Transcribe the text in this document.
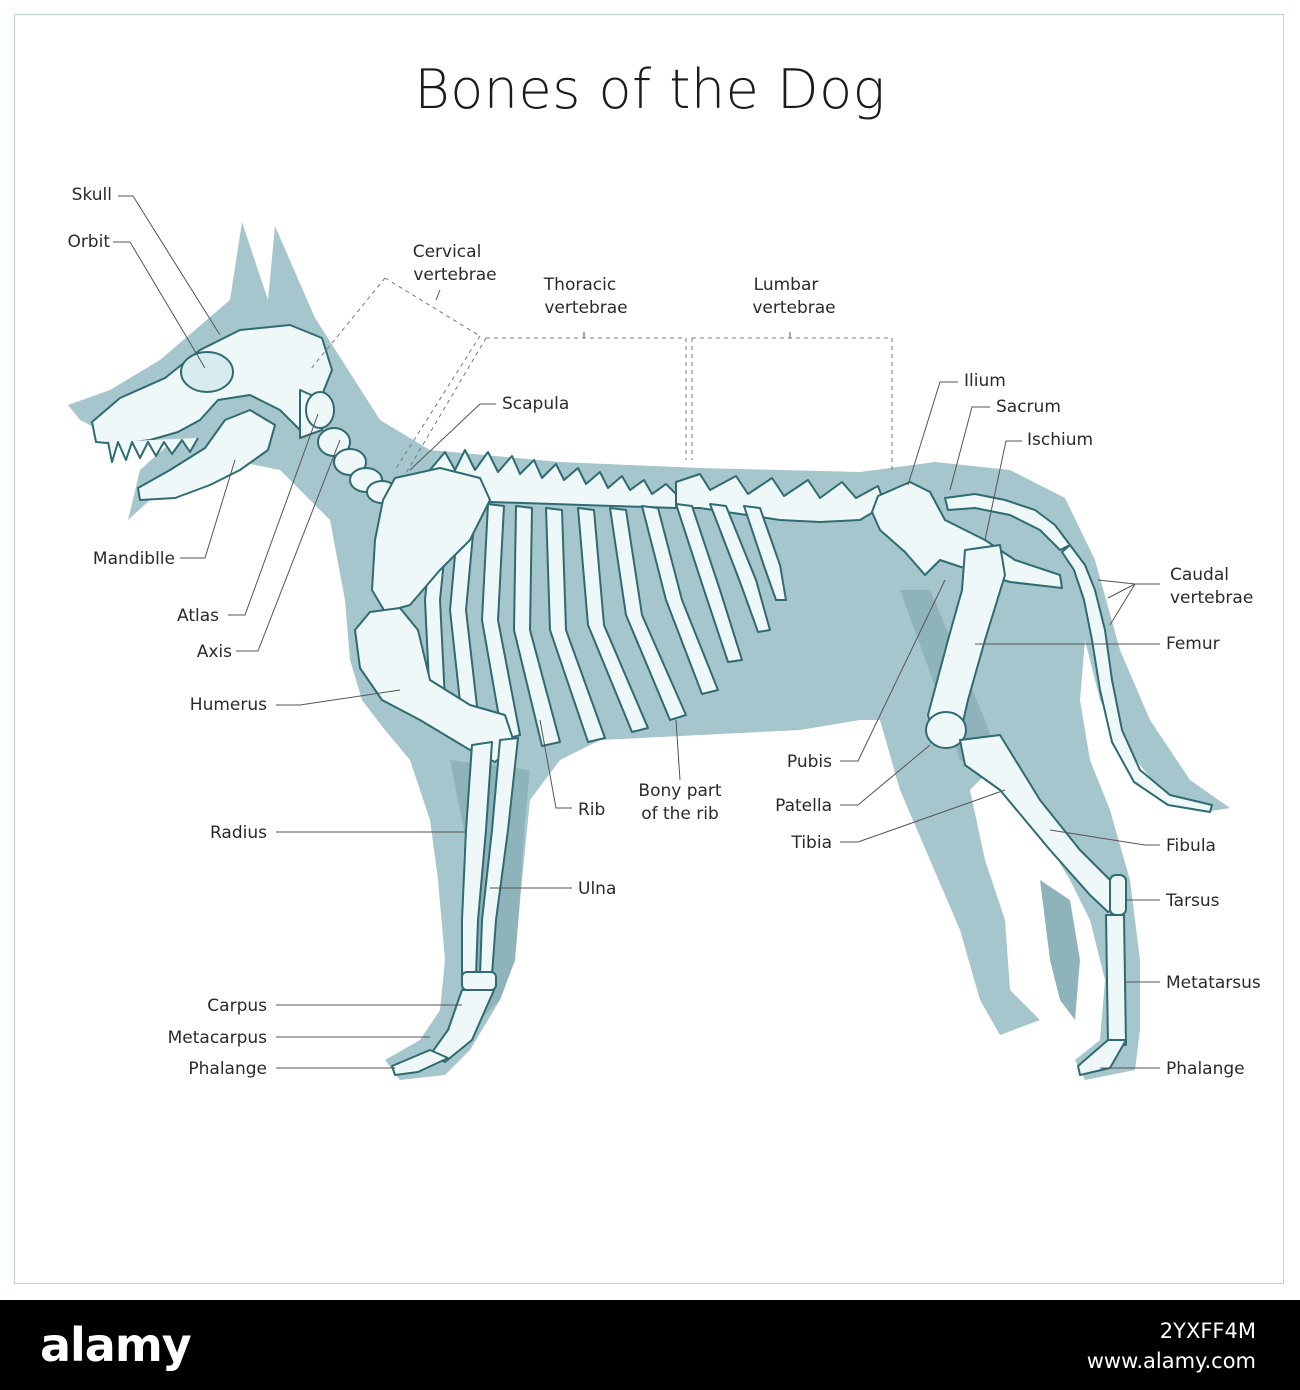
Bones of the Dog
Skull
Orbit
Mandiblle
Atlas
Axis
Humerus
Radius
Carpus
Metacarpus
Phalange
Cervical
vertebrae	Thoracic
vertebrae
Lumbar
vertebrae
Scapula
Rib
Bony part
of the rib
Ulna
Ilium
Sacrum
Ischium
Caudal
vertebrae
Femur
Pubis
Patella
Tibia	Fibula
Tarsus
Metatarsus
Phalange
alamy	2YXFF4M
www.alamy.com
